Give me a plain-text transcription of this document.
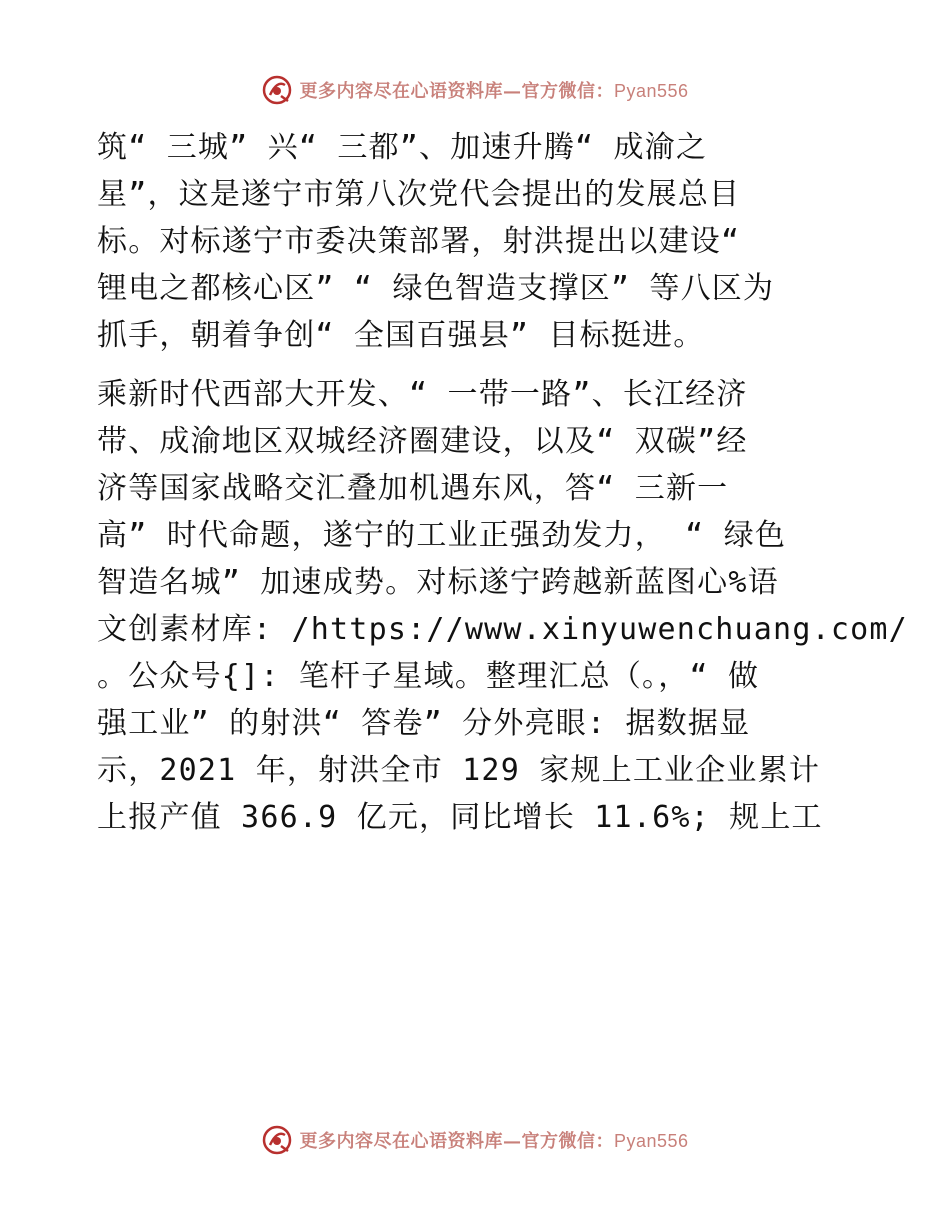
更多内容尽在心语资料库—官方微信：Pyan556

筑“ 三城” 兴“ 三都”、加速升腾“ 成渝之
星”，这是遂宁市第八次党代会提出的发展总目
标。对标遂宁市委决策部署，射洪提出以建设“
锂电之都核心区” “ 绿色智造支撑区” 等八区为
抓手，朝着争创“ 全国百强县” 目标挺进。

乘新时代西部大开发、“ 一带一路”、长江经济
带、成渝地区双城经济圈建设，以及“ 双碳”经
济等国家战略交汇叠加机遇东风，答“ 三新一
高” 时代命题，遂宁的工业正强劲发力， “ 绿色
智造名城” 加速成势。对标遂宁跨越新蓝图心%语
文创素材库: /https://www.xinyuwenchuang.com/
。公众号{]: 笔杆子星域。整理汇总（。，“ 做
强工业” 的射洪“ 答卷” 分外亮眼: 据数据显
示，2021 年，射洪全市 129 家规上工业企业累计
上报产值 366.9 亿元，同比增长 11.6%; 规上工

更多内容尽在心语资料库—官方微信：Pyan556
